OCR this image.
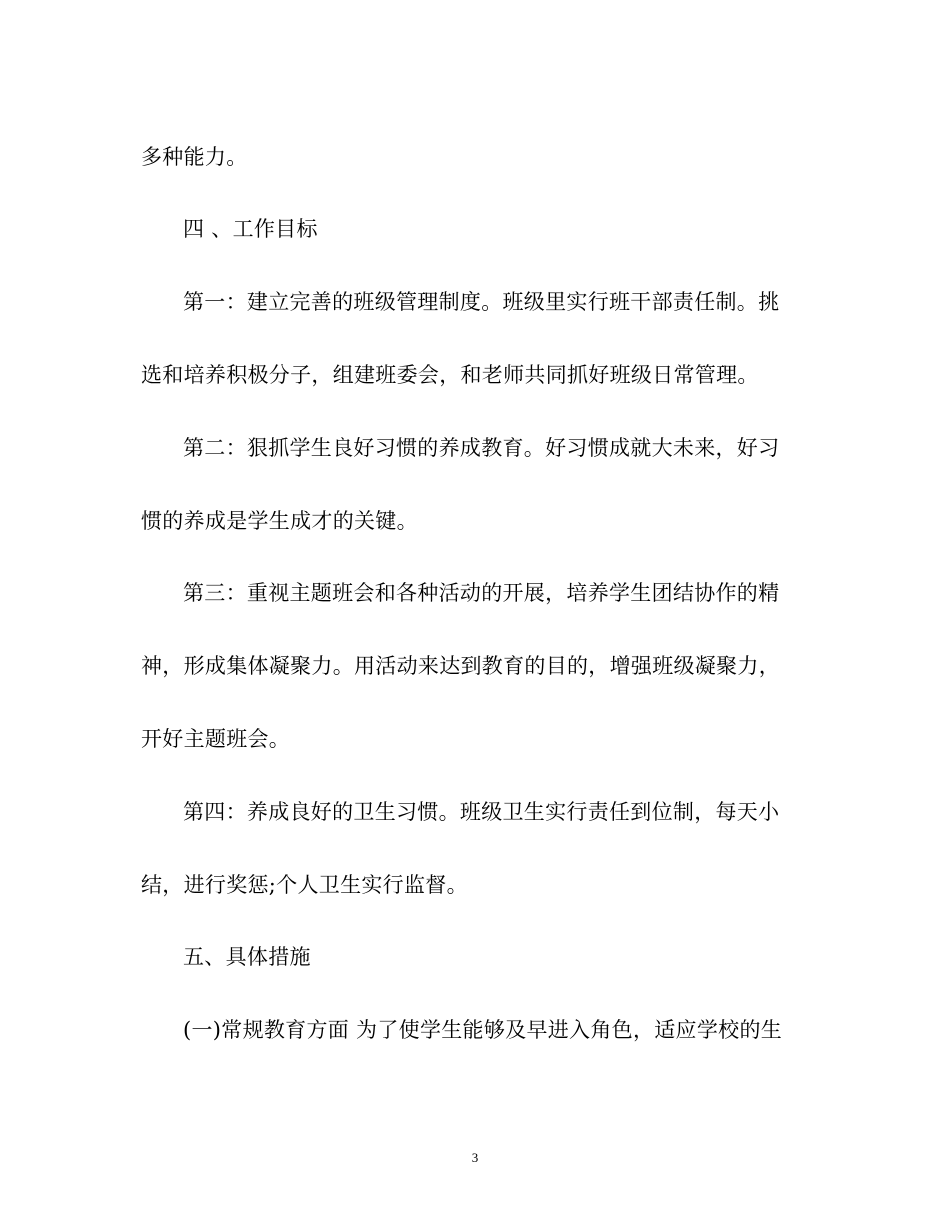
多种能力。
四 、工作目标
第一：建立完善的班级管理制度。班级里实行班干部责任制。挑
选和培养积极分子，组建班委会，和老师共同抓好班级日常管理。
第二：狠抓学生良好习惯的养成教育。好习惯成就大未来，好习
惯的养成是学生成才的关键。
第三：重视主题班会和各种活动的开展，培养学生团结协作的精
神，形成集体凝聚力。用活动来达到教育的目的，增强班级凝聚力，
开好主题班会。
第四：养成良好的卫生习惯。班级卫生实行责任到位制，每天小
结，进行奖惩;个人卫生实行监督。
五、具体措施
(一)常规教育方面 为了使学生能够及早进入角色，适应学校的生
3
